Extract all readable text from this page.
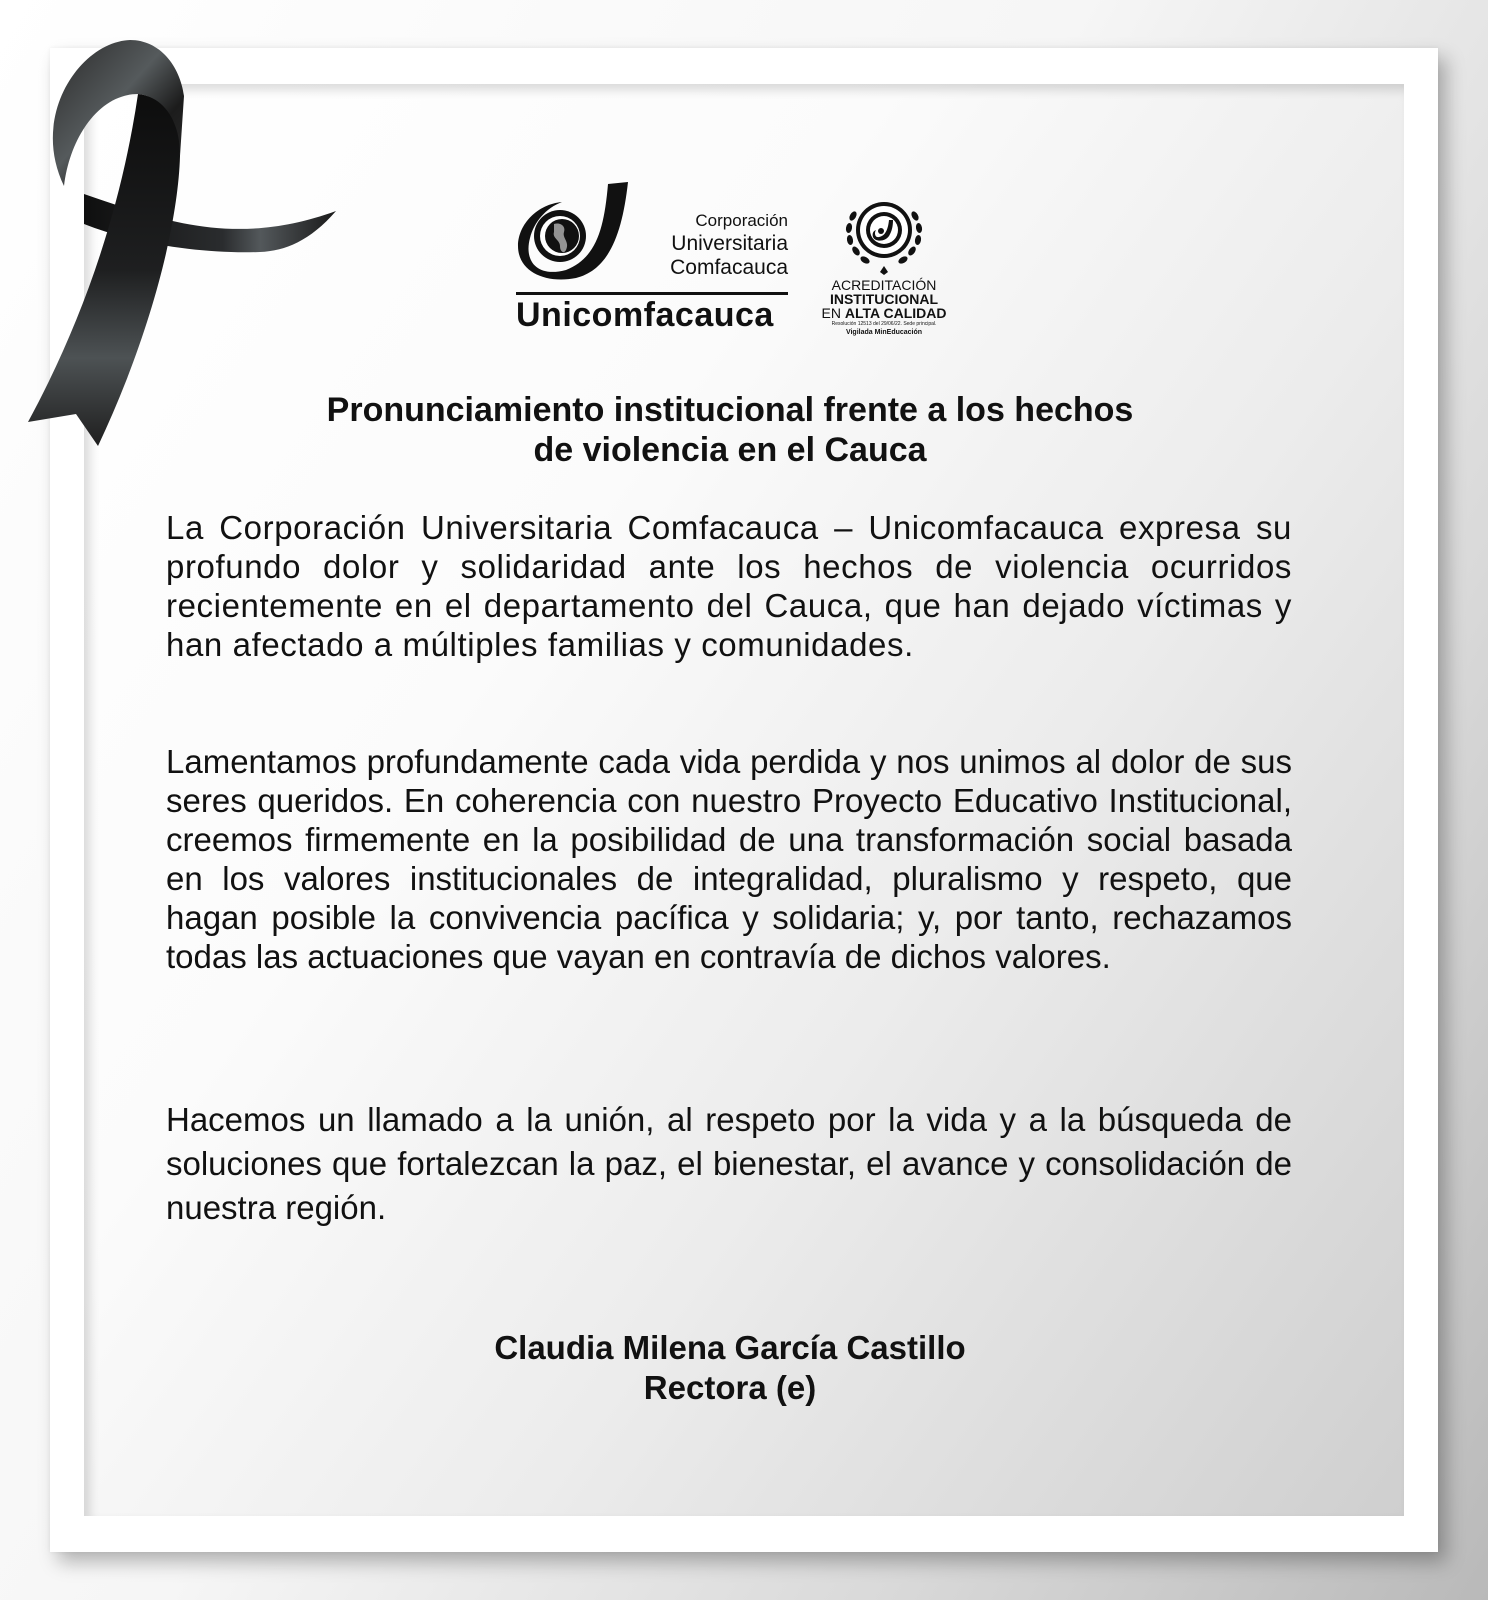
Corporación
Universitaria
Comfacauca
Unicomfacauca
ACREDITACIÓN
INSTITUCIONAL
EN ALTA CALIDAD
Resolución 12513 del 29/06/22. Sede principal.
Vigilada MinEducación
Pronunciamiento institucional frente a los hechos
de violencia en el Cauca

La Corporación Universitaria Comfacauca – Unicomfacauca expresa su profundo dolor y solidaridad ante los hechos de violencia ocurridos recientemente en el departamento del Cauca, que han dejado víctimas y han afectado a múltiples familias y comunidades.

Lamentamos profundamente cada vida perdida y nos unimos al dolor de sus seres queridos. En coherencia con nuestro Proyecto Educativo Institucional, creemos firmemente en la posibilidad de una transformación social basada en los valores institucionales de integralidad, pluralismo y respeto, que hagan posible la convivencia pacífica y solidaria; y, por tanto, rechazamos todas las actuaciones que vayan en contravía de dichos valores.

Hacemos un llamado a la unión, al respeto por la vida y a la búsqueda de soluciones que fortalezcan la paz, el bienestar, el avance y consolidación de nuestra región.

Claudia Milena García Castillo
Rectora (e)
